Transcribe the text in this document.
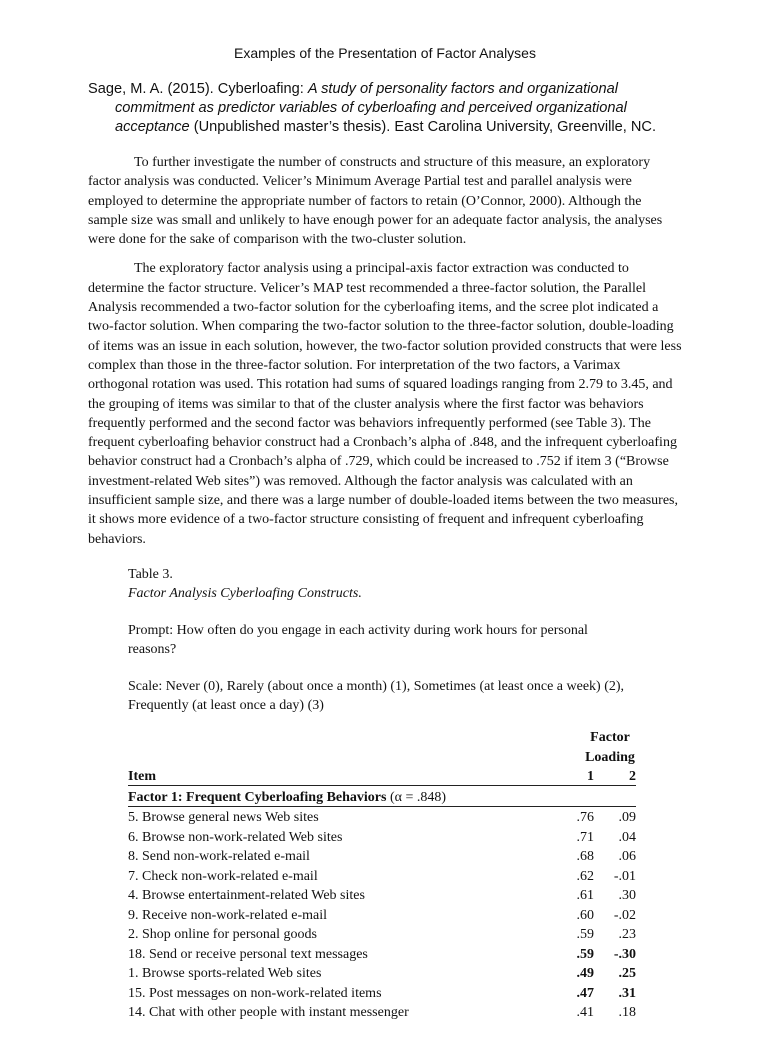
Examples of the Presentation of Factor Analyses
Sage, M. A. (2015). Cyberloafing: A study of personality factors and organizational commitment as predictor variables of cyberloafing and perceived organizational acceptance (Unpublished master’s thesis). East Carolina University, Greenville, NC.
To further investigate the number of constructs and structure of this measure, an exploratory factor analysis was conducted. Velicer’s Minimum Average Partial test and parallel analysis were employed to determine the appropriate number of factors to retain (O’Connor, 2000). Although the sample size was small and unlikely to have enough power for an adequate factor analysis, the analyses were done for the sake of comparison with the two-cluster solution.
The exploratory factor analysis using a principal-axis factor extraction was conducted to determine the factor structure. Velicer’s MAP test recommended a three-factor solution, the Parallel Analysis recommended a two-factor solution for the cyberloafing items, and the scree plot indicated a two-factor solution. When comparing the two-factor solution to the three-factor solution, double-loading of items was an issue in each solution, however, the two-factor solution provided constructs that were less complex than those in the three-factor solution. For interpretation of the two factors, a Varimax orthogonal rotation was used. This rotation had sums of squared loadings ranging from 2.79 to 3.45, and the grouping of items was similar to that of the cluster analysis where the first factor was behaviors frequently performed and the second factor was behaviors infrequently performed (see Table 3). The frequent cyberloafing behavior construct had a Cronbach’s alpha of .848, and the infrequent cyberloafing behavior construct had a Cronbach’s alpha of .729, which could be increased to .752 if item 3 (“Browse investment-related Web sites”) was removed. Although the factor analysis was calculated with an insufficient sample size, and there was a large number of double-loaded items between the two measures, it shows more evidence of a two-factor structure consisting of frequent and infrequent cyberloafing behaviors.
Table 3.
Factor Analysis Cyberloafing Constructs.
Prompt: How often do you engage in each activity during work hours for personal reasons?
Scale: Never (0), Rarely (about once a month) (1), Sometimes (at least once a week) (2), Frequently (at least once a day) (3)
	Factor	
	Loading	
Item	1	2
Factor 1: Frequent Cyberloafing Behaviors (α = .848)		
5. Browse general news Web sites	.76	.09
6. Browse non-work-related Web sites	.71	.04
8. Send non-work-related e-mail	.68	.06
7. Check non-work-related e-mail	.62	-.01
4. Browse entertainment-related Web sites	.61	.30
9. Receive non-work-related e-mail	.60	-.02
2. Shop online for personal goods	.59	.23
18. Send or receive personal text messages	.59	-.30
1. Browse sports-related Web sites	.49	.25
15. Post messages on non-work-related items	.47	.31
14. Chat with other people with instant messenger	.41	.18
